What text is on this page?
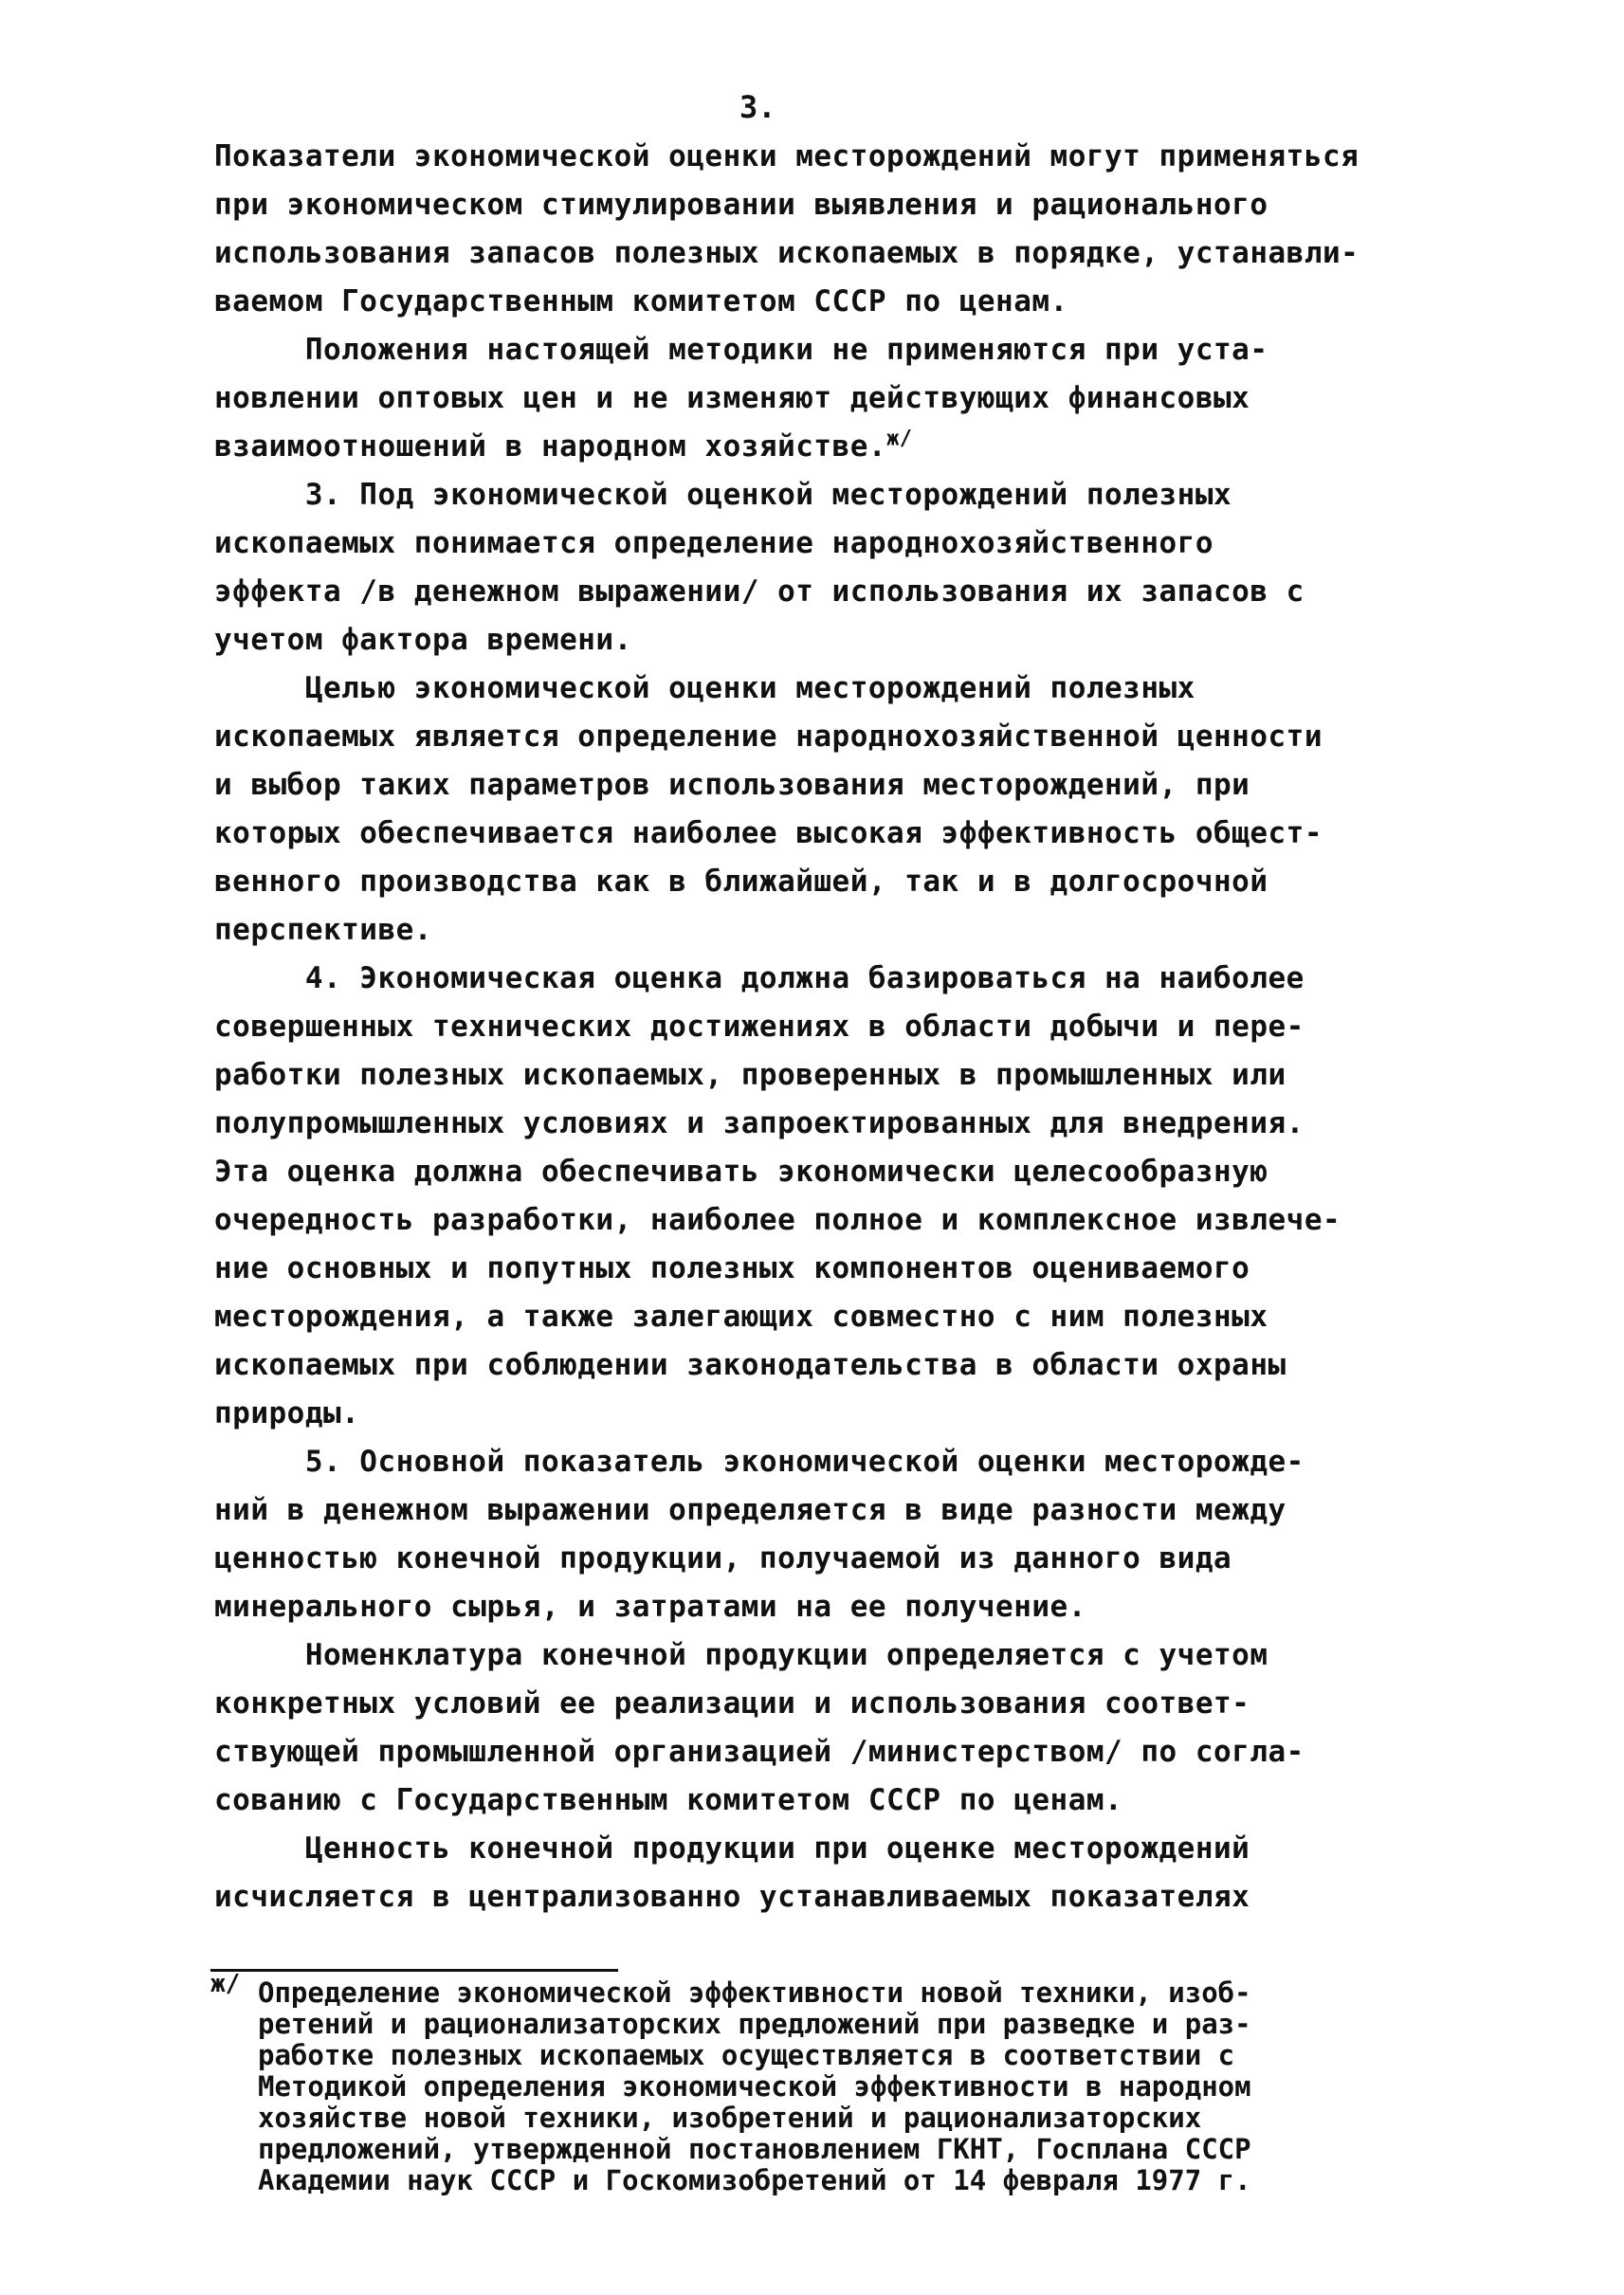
3.
Показатели экономической оценки месторождений могут применяться
при экономическом стимулировании выявления и рационального
использования запасов полезных ископаемых в порядке, устанавли-
ваемом Государственным комитетом СССР по ценам.
Положения настоящей методики не применяются при уста-
новлении оптовых цен и не изменяют действующих финансовых
взаимоотношений в народном хозяйстве.$^{ж/}$
3. Под экономической оценкой месторождений полезных
ископаемых понимается определение народнохозяйственного
эффекта /в денежном выражении/ от использования их запасов с
учетом фактора времени.
Целью экономической оценки месторождений полезных
ископаемых является определение народнохозяйственной ценности
и выбор таких параметров использования месторождений, при
которых обеспечивается наиболее высокая эффективность общест-
венного производства как в ближайшей, так и в долгосрочной
перспективе.
4. Экономическая оценка должна базироваться на наиболее
совершенных технических достижениях в области добычи и пере-
работки полезных ископаемых, проверенных в промышленных или
полупромышленных условиях и запроектированных для внедрения.
Эта оценка должна обеспечивать экономически целесообразную
очередность разработки, наиболее полное и комплексное извлече-
ние основных и попутных полезных компонентов оцениваемого
месторождения, а также залегающих совместно с ним полезных
ископаемых при соблюдении законодательства в области охраны
природы.
5. Основной показатель экономической оценки месторожде-
ний в денежном выражении определяется в виде разности между
ценностью конечной продукции, получаемой из данного вида
минерального сырья, и затратами на ее получение.
Номенклатура конечной продукции определяется с учетом
конкретных условий ее реализации и использования соответ-
ствующей промышленной организацией /министерством/ по согла-
сованию с Государственным комитетом СССР по ценам.
Ценность конечной продукции при оценке месторождений
исчисляется в централизованно устанавливаемых показателях
ж/ Определение экономической эффективности новой техники, изоб-
ретений и рационализаторских предложений при разведке и раз-
работке полезных ископаемых осуществляется в соответствии с
Методикой определения экономической эффективности в народном
хозяйстве новой техники, изобретений и рационализаторских
предложений, утвержденной постановлением ГКНТ, Госплана СССР
Академии наук СССР и Госкомизобретений от 14 февраля 1977 г.
